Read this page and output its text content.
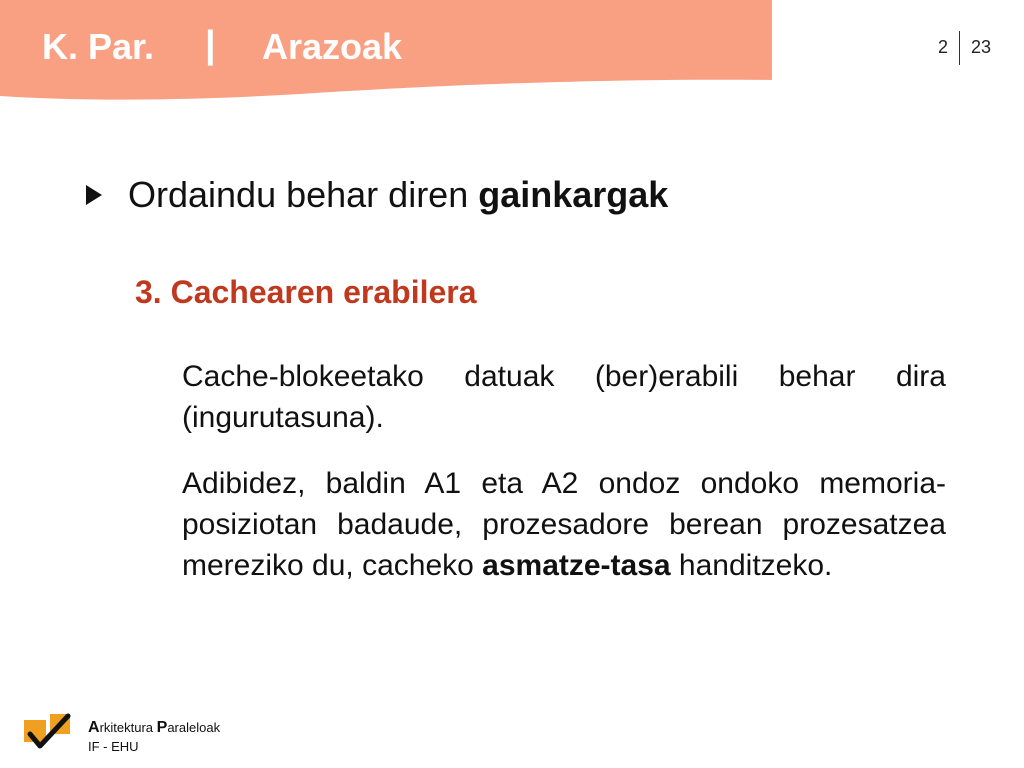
K. Par. | Arazoak	2 23
Ordaindu behar diren gainkargak
3. Cachearen erabilera
Cache-blokeetako datuak (ber)erabili behar dira (ingurutasuna).
Adibidez, baldin A1 eta A2 ondoz ondoko memoria-posiziotan badaude, prozesadore berean prozesatzea mereziko du, cacheko asmatze-tasa handitzeko.
Arkitektura Paraleloak
IF - EHU
